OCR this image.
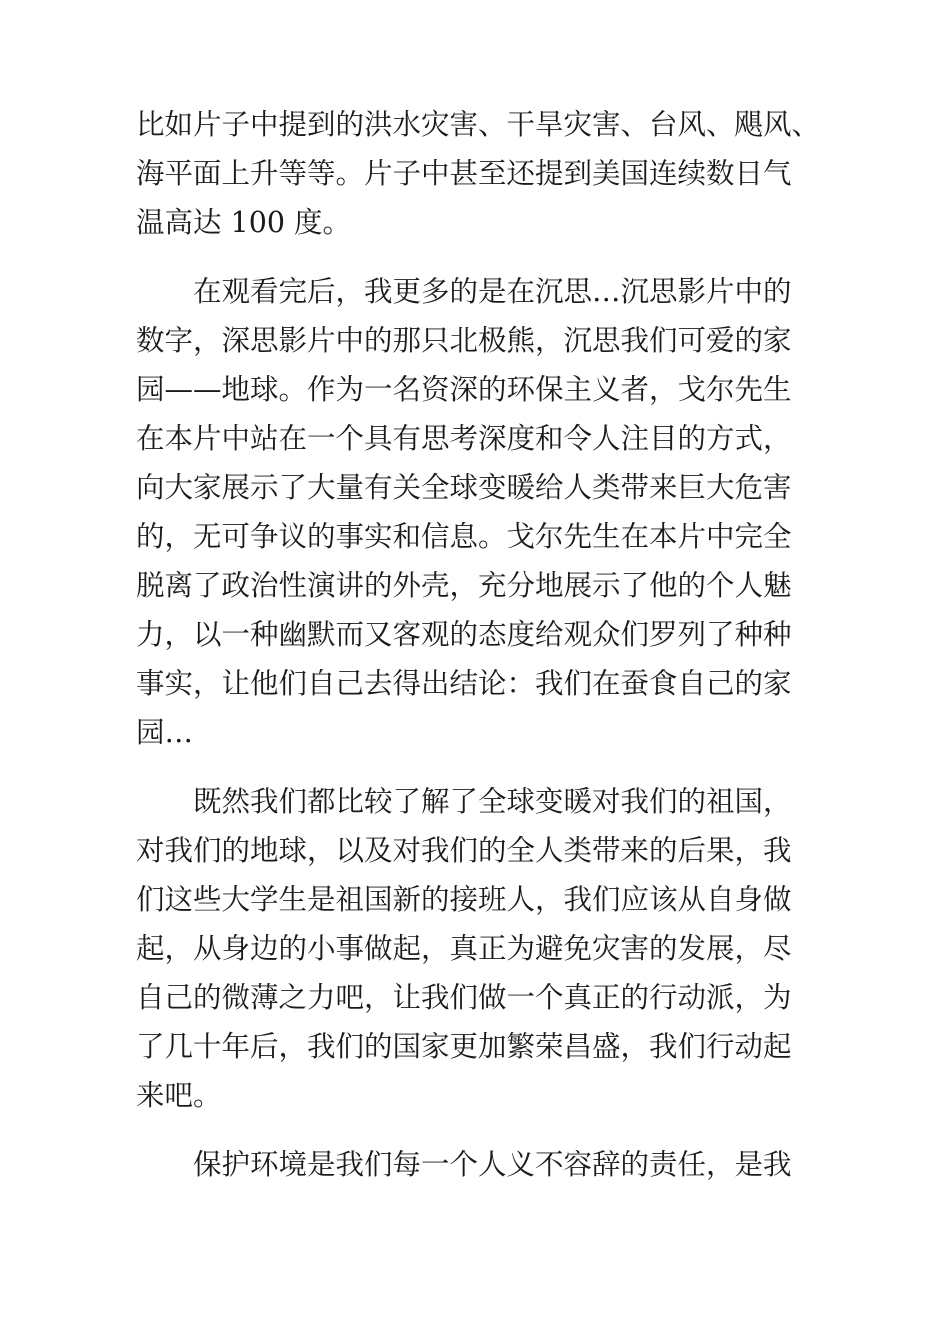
比如片子中提到的洪水灾害、干旱灾害、台风、飓风、
海平面上升等等。片子中甚至还提到美国连续数日气
温高达 100 度。

在观看完后，我更多的是在沉思…沉思影片中的
数字，深思影片中的那只北极熊，沉思我们可爱的家
园——地球。作为一名资深的环保主义者，戈尔先生
在本片中站在一个具有思考深度和令人注目的方式，
向大家展示了大量有关全球变暖给人类带来巨大危害
的，无可争议的事实和信息。戈尔先生在本片中完全
脱离了政治性演讲的外壳，充分地展示了他的个人魅
力，以一种幽默而又客观的态度给观众们罗列了种种
事实，让他们自己去得出结论：我们在蚕食自己的家
园…

既然我们都比较了解了全球变暖对我们的祖国，
对我们的地球，以及对我们的全人类带来的后果，我
们这些大学生是祖国新的接班人，我们应该从自身做
起，从身边的小事做起，真正为避免灾害的发展，尽
自己的微薄之力吧，让我们做一个真正的行动派，为
了几十年后，我们的国家更加繁荣昌盛，我们行动起
来吧。

保护环境是我们每一个人义不容辞的责任，是我
